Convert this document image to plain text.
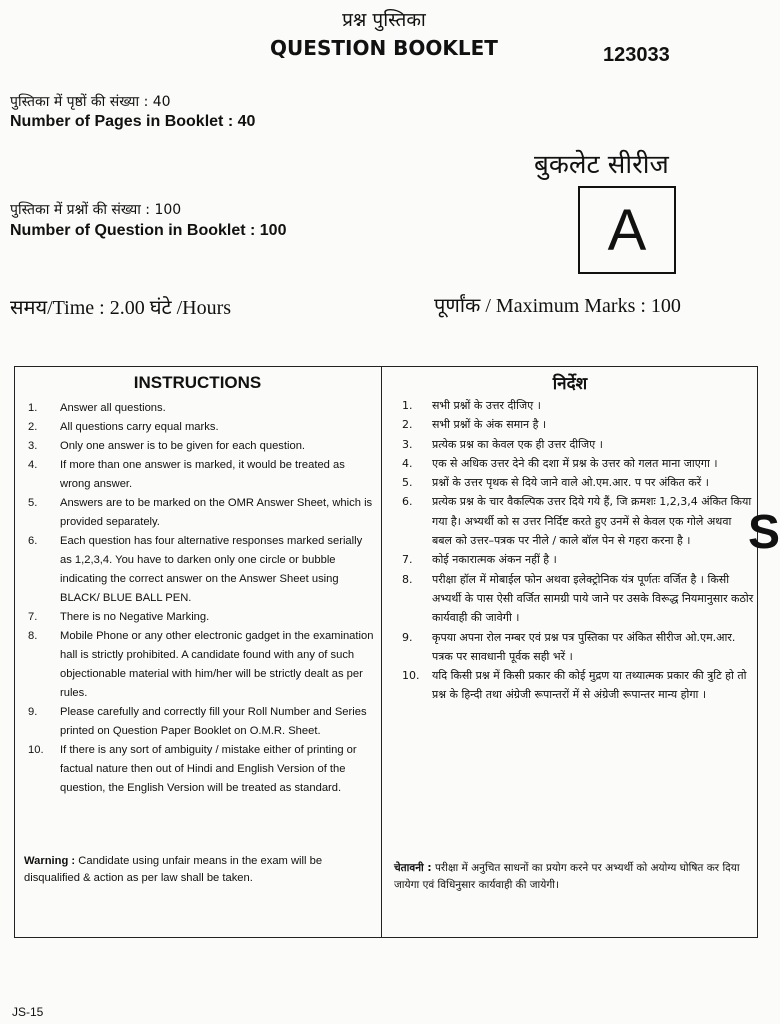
प्रश्न पुस्तिका
QUESTION BOOKLET	123033
पुस्तिका में पृष्ठों की संख्या : 40
Number of Pages in Booklet : 40
पुस्तिका में प्रश्नों की संख्या : 100
Number of Question in Booklet : 100
बुकलेट सीरीज
A
समय/Time : 2.00 घंटे /Hours	पूर्णांक / Maximum Marks : 100
INSTRUCTIONS	निर्देश
1. Answer all questions.
2. All questions carry equal marks.
3. Only one answer is to be given for each question.
4. If more than one answer is marked, it would be treated as wrong answer.
5. Answers are to be marked on the OMR Answer Sheet, which is provided separately.
6. Each question has four alternative responses marked serially as 1,2,3,4. You have to darken only one circle or bubble indicating the correct answer on the Answer Sheet using BLACK/ BLUE BALL PEN.
7. There is no Negative Marking.
8. Mobile Phone or any other electronic gadget in the examination hall is strictly prohibited. A candidate found with any of such objectionable material with him/her will be strictly dealt as per rules.
9. Please carefully and correctly fill your Roll Number and Series printed on Question Paper Booklet on O.M.R. Sheet.
10. If there is any sort of ambiguity / mistake either of printing or factual nature then out of Hindi and English Version of the question, the English Version will be treated as standard.
1. सभी प्रश्नों के उत्तर दीजिए ।
2. सभी प्रश्नों के अंक समान है ।
3. प्रत्येक प्रश्न का केवल एक ही उत्तर दीजिए ।
4. एक से अधिक उत्तर देने की दशा में प्रश्न के उत्तर को गलत माना जाएगा ।
5. प्रश्नों के उत्तर पृथक से दिये जाने वाले ओ.एम.आर. प पर अंकित करें ।
6. प्रत्येक प्रश्न के चार वैकल्पिक उत्तर दिये गये हैं, जि क्रमशः 1,2,3,4 अंकित किया गया है। अभ्यर्थी को स उत्तर निर्दिष्ट करते हुए उनमें से केवल एक गोले अथवा बबल को उत्तर–पत्रक पर नीले / काले बॉल पेन से गहरा करना है ।
7. कोई नकारात्मक अंकन नहीं है ।
8. परीक्षा हॉल में मोबाईल फोन अथवा इलेक्ट्रोनिक यंत्र पूर्णतः वर्जित है । किसी अभ्यर्थी के पास ऐसी वर्जित सामग्री पाये जाने पर उसके विरूद्ध नियमानुसार कठोर कार्यवाही की जावेगी ।
9. कृपया अपना रोल नम्बर एवं प्रश्न पत्र पुस्तिका पर अंकित सीरीज ओ.एम.आर. पत्रक पर सावधानी पूर्वक सही भरें ।
10. यदि किसी प्रश्न में किसी प्रकार की कोई मुद्रण या तथ्यात्मक प्रकार की त्रुटि हो तो प्रश्न के हिन्दी तथा अंग्रेजी रूपान्तरों में से अंग्रेजी रूपान्तर मान्य होगा ।
Warning : Candidate using unfair means in the exam will be disqualified & action as per law shall be taken.
चेतावनी : परीक्षा में अनुचित साधनों का प्रयोग करने पर अभ्यर्थी को अयोग्य घोषित कर दिया जायेगा एवं विधिनुसार कार्यवाही की जायेगी।
S
JS-15
